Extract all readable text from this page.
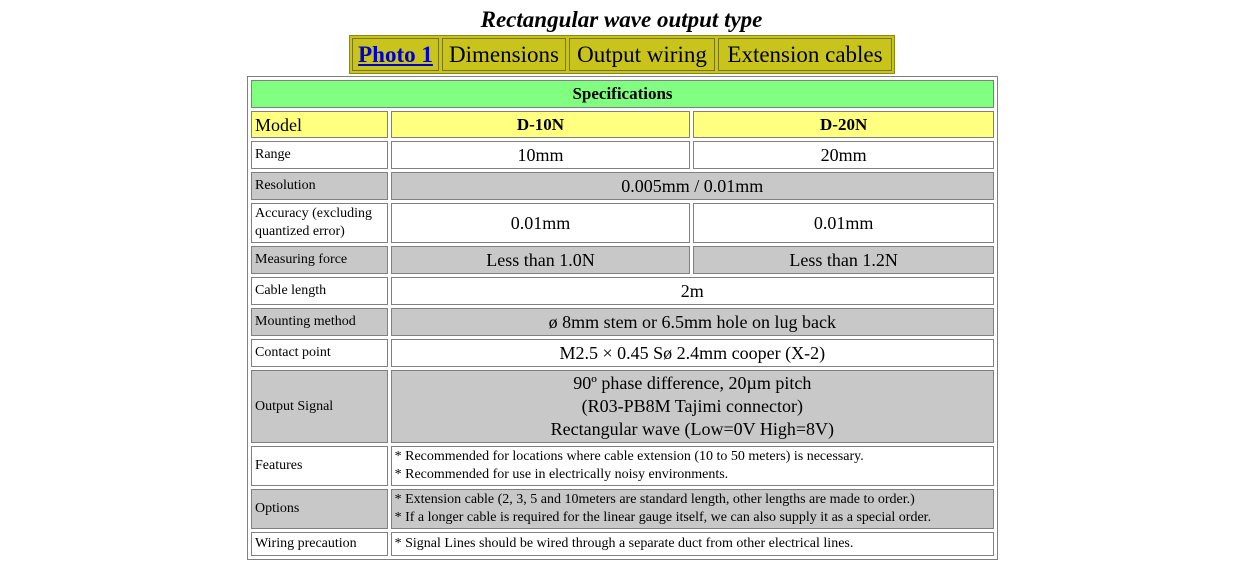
Rectangular wave output type
Photo 1 Dimensions Output wiring Extension cables
Specifications		
Model	D-10N	D-20N
Range	10mm	20mm
Resolution	0.005mm / 0.01mm	
Accuracy (excluding
quantized error)	0.01mm	0.01mm
Measuring force	Less than 1.0N	Less than 1.2N
Cable length	2m	
Mounting method	ø 8mm stem or 6.5mm hole on lug back	
Contact point	M2.5 × 0.45 Sø 2.4mm cooper (X-2)	
Output Signal	90º phase difference, 20µm pitch
(R03-PB8M Tajimi connector)
Rectangular wave (Low=0V High=8V)	
Features	* Recommended for locations where cable extension (10 to 50 meters) is necessary.
* Recommended for use in electrically noisy environments.	
Options	* Extension cable (2, 3, 5 and 10meters are standard length, other lengths are made to order.)
* If a longer cable is required for the linear gauge itself, we can also supply it as a special order.	
Wiring precaution	* Signal Lines should be wired through a separate duct from other electrical lines.	
